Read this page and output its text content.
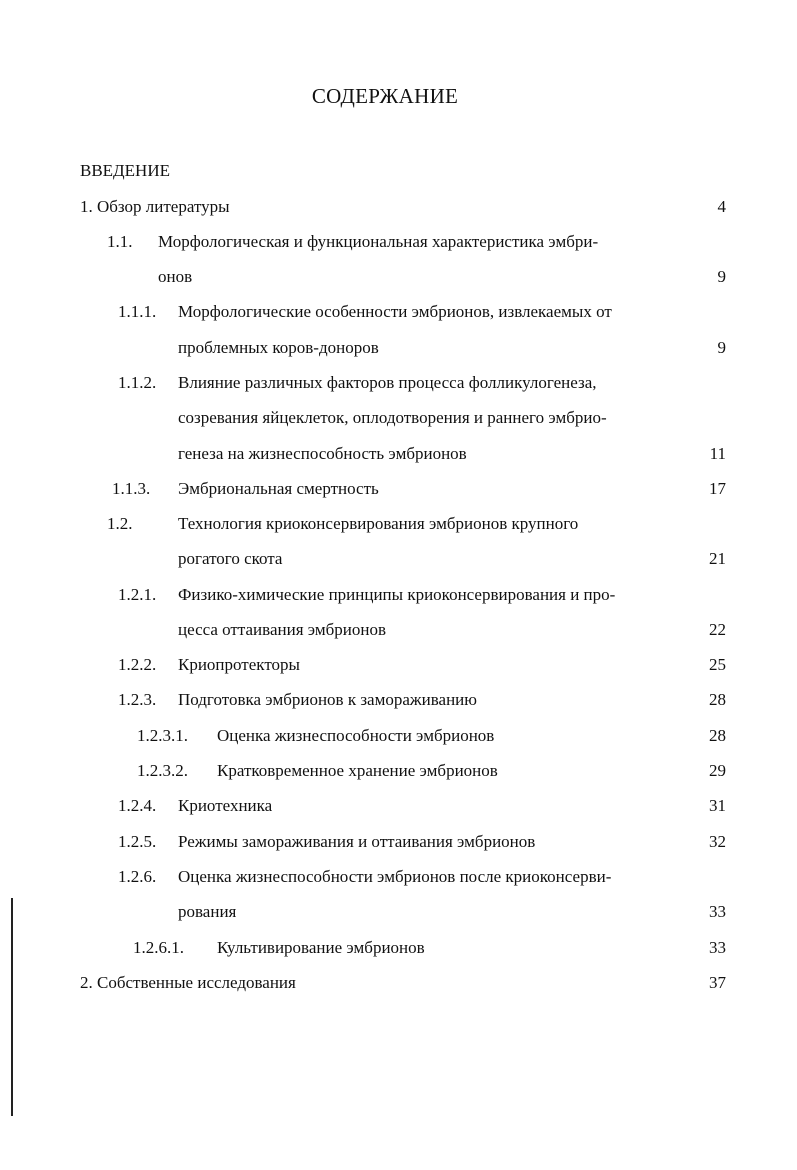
СОДЕРЖАНИЕ
ВВЕДЕНИЕ
1. Обзор литературы	4
1.1. Морфологическая и функциональная характеристика эмбри-
онов	9
1.1.1. Морфологические особенности эмбрионов, извлекаемых от
проблемных коров-доноров	9
1.1.2. Влияние различных факторов процесса фолликулогенеза,
созревания яйцеклеток, оплодотворения и раннего эмбрио-
генеза на жизнеспособность эмбрионов	11
1.1.3. Эмбриональная смертность	17
1.2.	Технология криоконсервирования эмбрионов крупного
рогатого скота	21
1.2.1. Физико-химические принципы криоконсервирования и про-
цесса оттаивания эмбрионов	22
1.2.2. Криопротекторы	25
1.2.3. Подготовка эмбрионов к замораживанию	28
1.2.3.1. Оценка жизнеспособности эмбрионов	28
1.2.3.2. Кратковременное хранение эмбрионов	29
1.2.4. Криотехника	31
1.2.5. Режимы замораживания и оттаивания эмбрионов	32
1.2.6. Оценка жизнеспособности эмбрионов после криоконсерви-
рования	33
1.2.6.1. Культивирование эмбрионов	33
2. Собственные исследования	37
